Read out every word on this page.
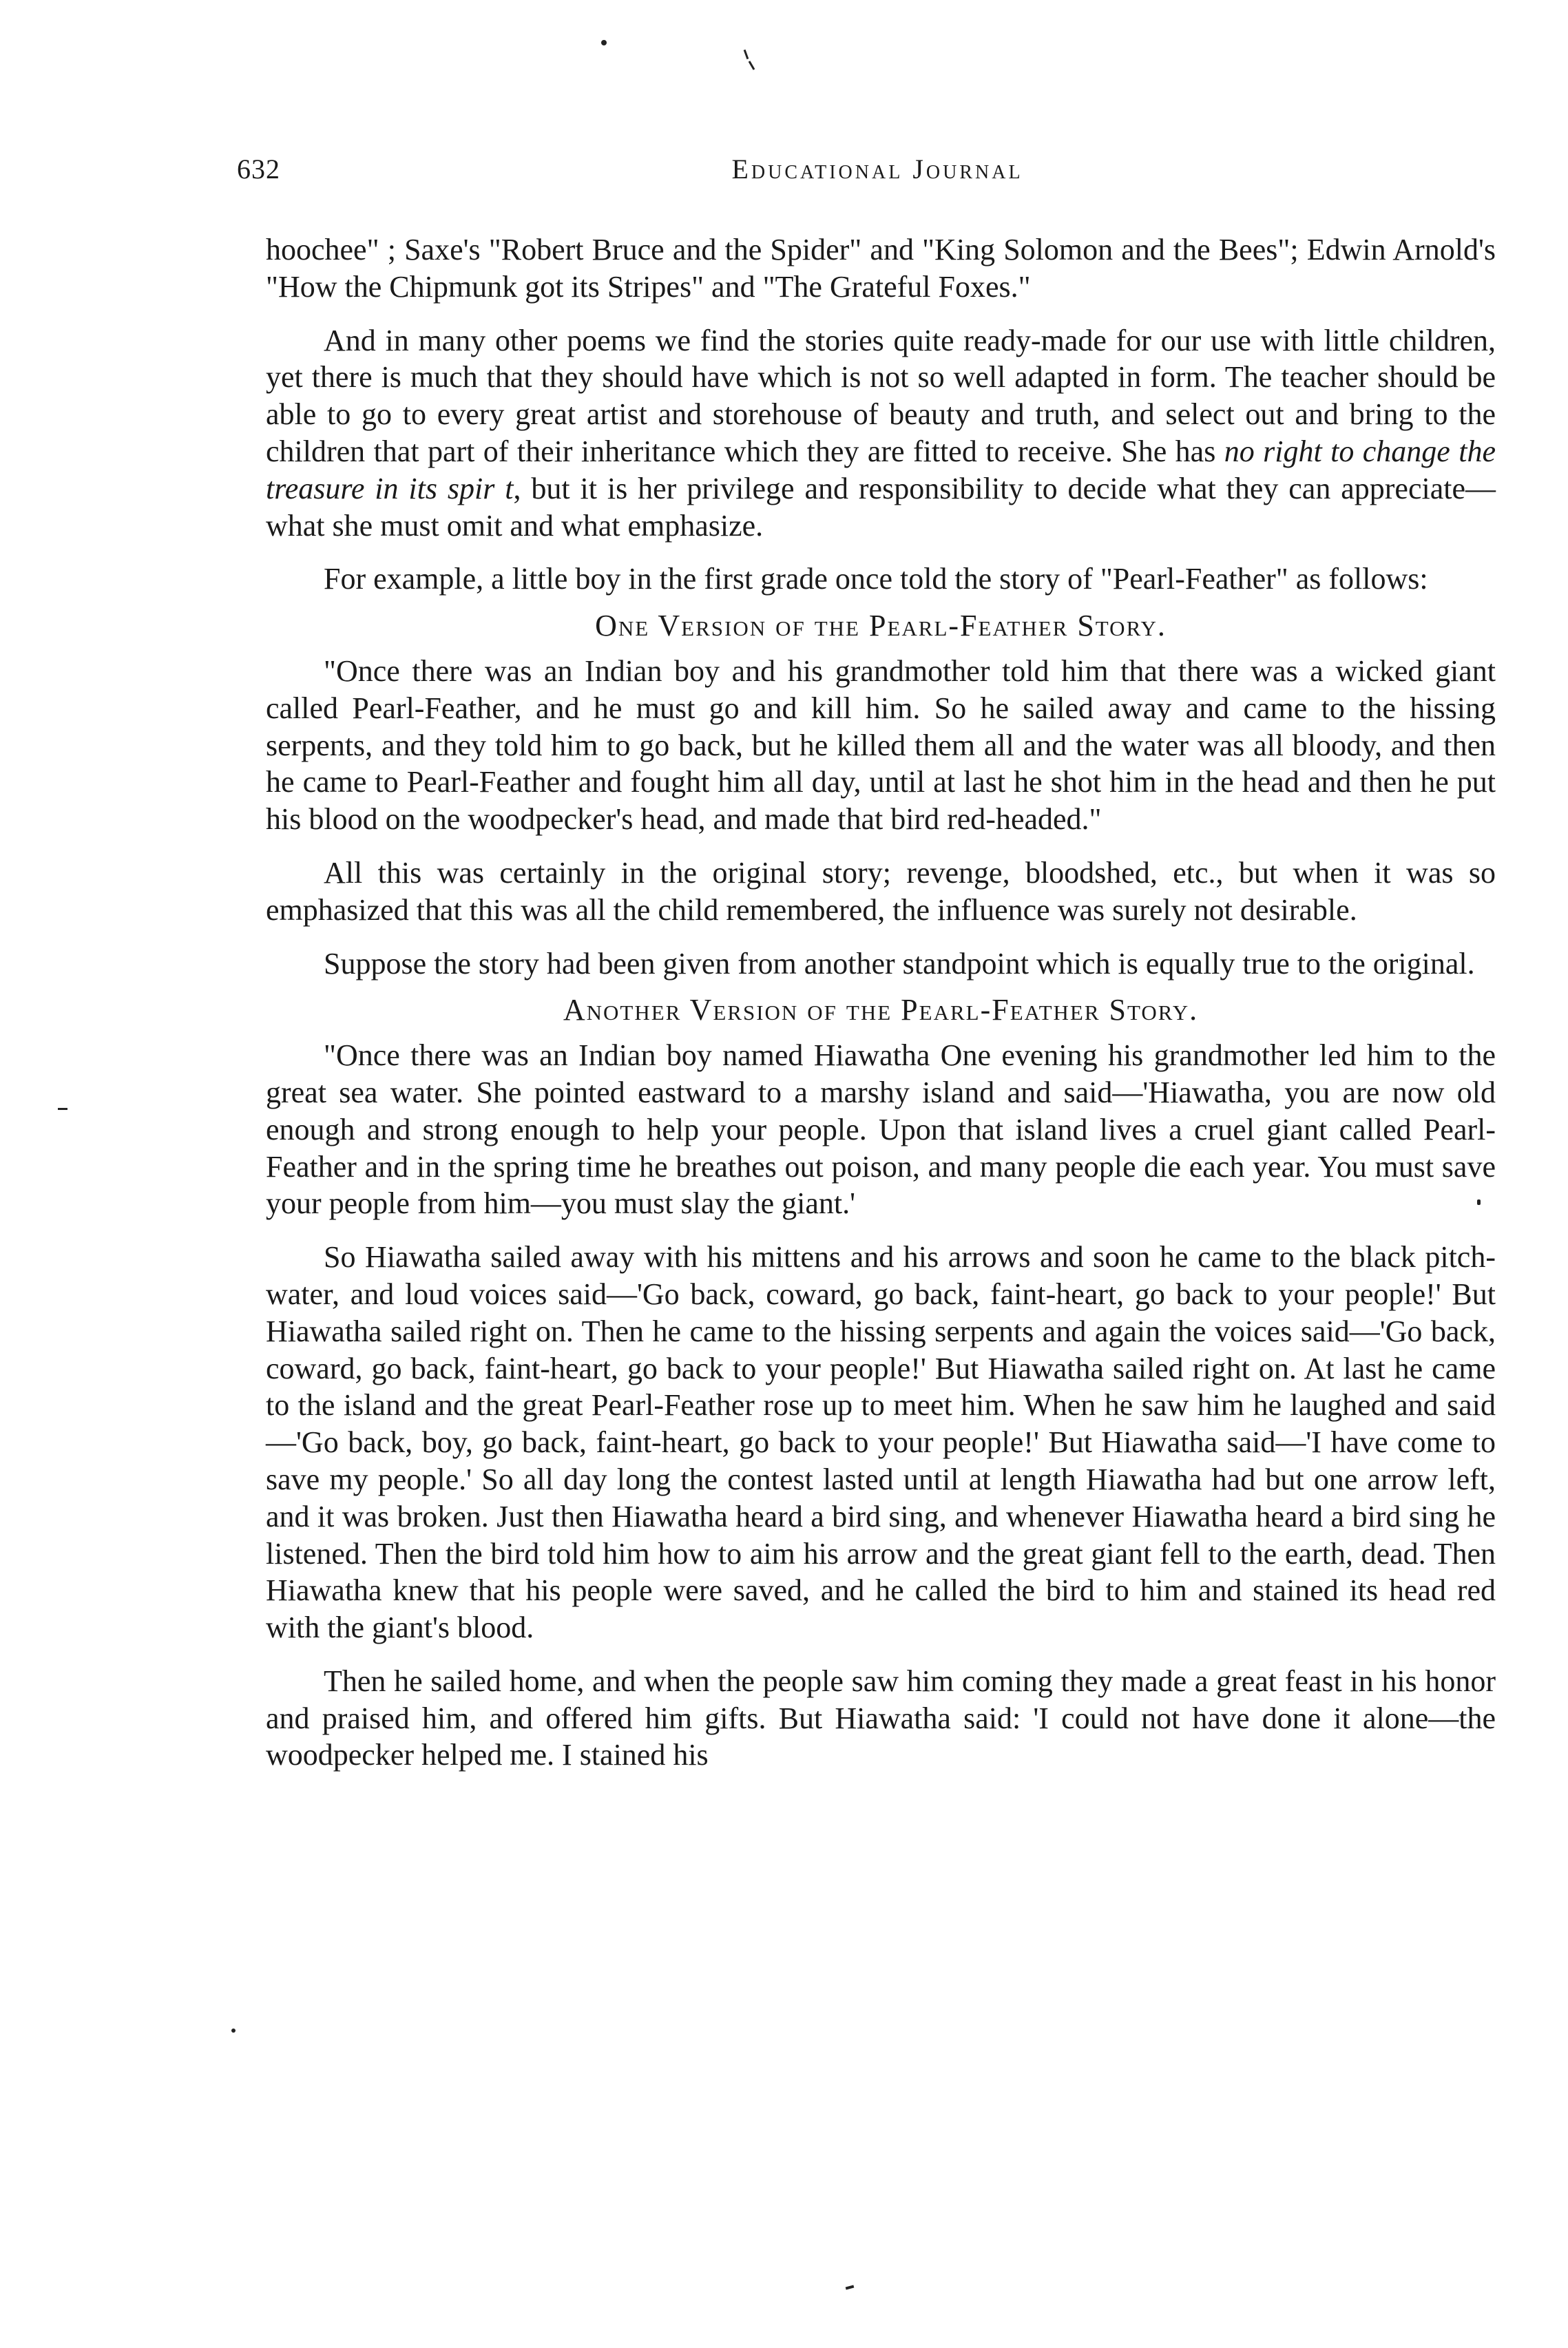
632	Educational Journal

hoochee" ; Saxe's "Robert Bruce and the Spider" and "King Solomon and the Bees"; Edwin Arnold's "How the Chipmunk got its Stripes" and "The Grateful Foxes."

And in many other poems we find the stories quite ready-made for our use with little children, yet there is much that they should have which is not so well adapted in form. The teacher should be able to go to every great artist and storehouse of beauty and truth, and select out and bring to the children that part of their inheritance which they are fitted to receive. She has no right to change the treasure in its spir t, but it is her privilege and responsibility to decide what they can appreciate—what she must omit and what emphasize.

For example, a little boy in the first grade once told the story of "Pearl-Feather" as follows:

One Version of the Pearl-Feather Story.

"Once there was an Indian boy and his grandmother told him that there was a wicked giant called Pearl-Feather, and he must go and kill him. So he sailed away and came to the hissing serpents, and they told him to go back, but he killed them all and the water was all bloody, and then he came to Pearl-Feather and fought him all day, until at last he shot him in the head and then he put his blood on the woodpecker's head, and made that bird red-headed."

All this was certainly in the original story; revenge, bloodshed, etc., but when it was so emphasized that this was all the child remembered, the influence was surely not desirable.

Suppose the story had been given from another standpoint which is equally true to the original.

Another Version of the Pearl-Feather Story.

"Once there was an Indian boy named Hiawatha One evening his grandmother led him to the great sea water. She pointed eastward to a marshy island and said—'Hiawatha, you are now old enough and strong enough to help your people. Upon that island lives a cruel giant called Pearl-Feather and in the spring time he breathes out poison, and many people die each year. You must save your people from him—you must slay the giant.'

So Hiawatha sailed away with his mittens and his arrows and soon he came to the black pitch-water, and loud voices said—'Go back, coward, go back, faint-heart, go back to your people!' But Hiawatha sailed right on. Then he came to the hissing serpents and again the voices said—'Go back, coward, go back, faint-heart, go back to your people!' But Hiawatha sailed right on. At last he came to the island and the great Pearl-Feather rose up to meet him. When he saw him he laughed and said—'Go back, boy, go back, faint-heart, go back to your people!' But Hiawatha said—'I have come to save my people.' So all day long the contest lasted until at length Hiawatha had but one arrow left, and it was broken. Just then Hiawatha heard a bird sing, and whenever Hiawatha heard a bird sing he listened. Then the bird told him how to aim his arrow and the great giant fell to the earth, dead. Then Hiawatha knew that his people were saved, and he called the bird to him and stained its head red with the giant's blood.

Then he sailed home, and when the people saw him coming they made a great feast in his honor and praised him, and offered him gifts. But Hiawatha said: 'I could not have done it alone—the woodpecker helped me. I stained his
